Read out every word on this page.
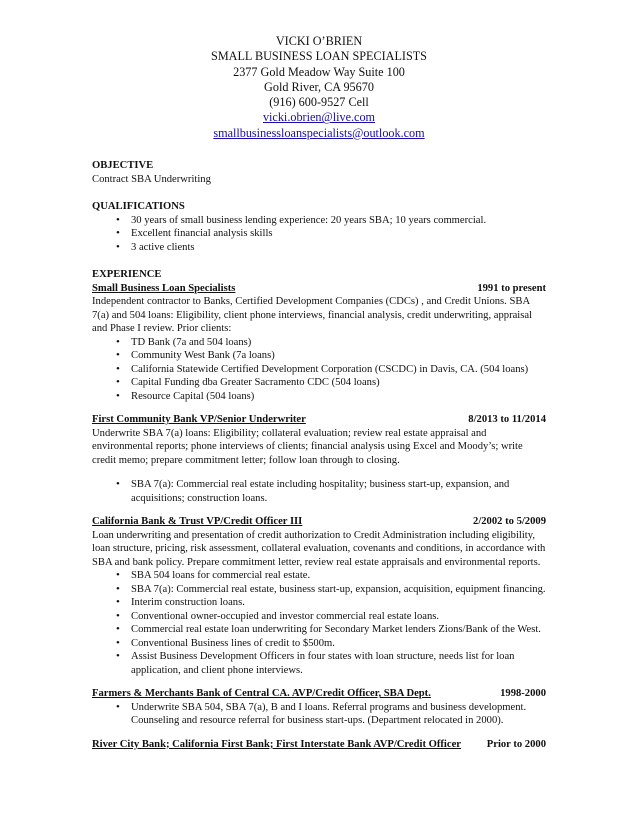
VICKI O’BRIEN
SMALL BUSINESS LOAN SPECIALISTS
2377 Gold Meadow Way Suite 100
Gold River, CA 95670
(916) 600-9527 Cell
vicki.obrien@live.com
smallbusinessloanspecialists@outlook.com
OBJECTIVE

Contract SBA Underwriting

QUALIFICATIONS
• 30 years of small business lending experience: 20 years SBA; 10 years commercial.
• Excellent financial analysis skills
• 3 active clients
EXPERIENCE
Small Business Loan Specialists	1991 to present

Independent contractor to Banks, Certified Development Companies (CDCs) , and Credit Unions. SBA 7(a) and 504 loans: Eligibility, client phone interviews, financial analysis, credit underwriting, appraisal and Phase I review. Prior clients:

• TD Bank (7a and 504 loans)
• Community West Bank (7a loans)
• California Statewide Certified Development Corporation (CSCDC) in Davis, CA. (504 loans)
• Capital Funding dba Greater Sacramento CDC (504 loans)
• Resource Capital (504 loans)
First Community Bank VP/Senior Underwriter	8/2013 to 11/2014

Underwrite SBA 7(a) loans: Eligibility; collateral evaluation; review real estate appraisal and environmental reports; phone interviews of clients; financial analysis using Excel and Moody’s; write credit memo; prepare commitment letter; follow loan through to closing.

• SBA 7(a): Commercial real estate including hospitality; business start-up, expansion, and acquisitions; construction loans.
California Bank & Trust VP/Credit Officer III	2/2002 to 5/2009

Loan underwriting and presentation of credit authorization to Credit Administration including eligibility, loan structure, pricing, risk assessment, collateral evaluation, covenants and conditions, in accordance with SBA and bank policy. Prepare commitment letter, review real estate appraisals and environmental reports.

• SBA 504 loans for commercial real estate.
• SBA 7(a): Commercial real estate, business start-up, expansion, acquisition, equipment financing.
• Interim construction loans.
• Conventional owner-occupied and investor commercial real estate loans.
• Commercial real estate loan underwriting for Secondary Market lenders Zions/Bank of the West.
• Conventional Business lines of credit to $500m.
• Assist Business Development Officers in four states with loan structure, needs list for loan application, and client phone interviews.
Farmers & Merchants Bank of Central CA. AVP/Credit Officer, SBA Dept.	1998-2000
• Underwrite SBA 504, SBA 7(a), B and I loans. Referral programs and business development. Counseling and resource referral for business start-ups. (Department relocated in 2000).
River City Bank; California First Bank; First Interstate Bank AVP/Credit Officer Prior to 2000
